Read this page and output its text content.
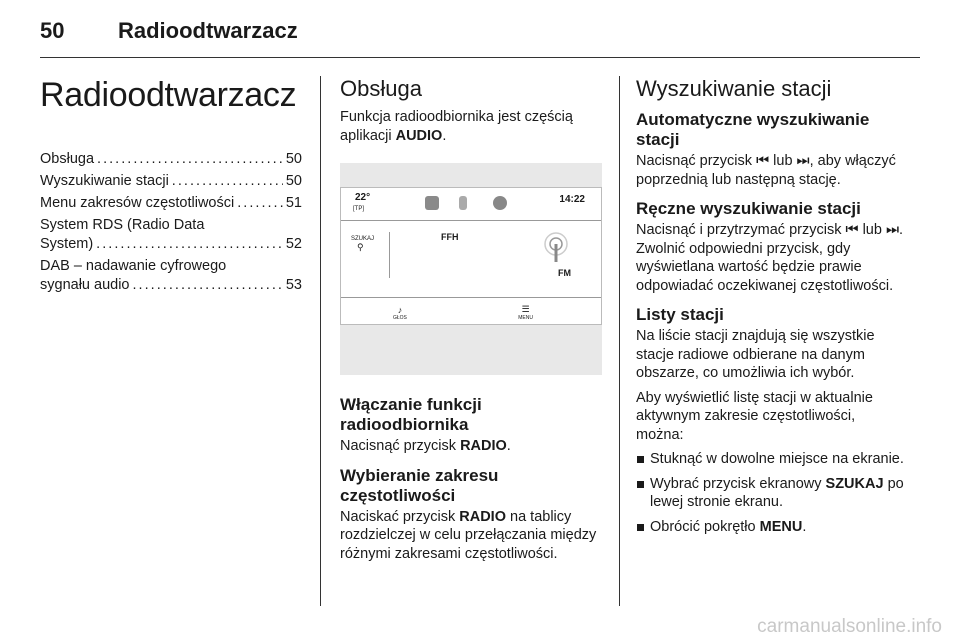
50 Radioodtwarzacz
Radioodtwarzacz
Obsługa . . .	50
Wyszukiwanie stacji . . .	50
Menu zakresów częstotliwości . . .	51
System RDS (Radio Data
System) . . .	52
DAB – nadawanie cyfrowego
sygnału audio . . .	53
Obsługa

Funkcja radioodbiornika jest częścią aplikacji AUDIO.

22°
[TP]
14:22
SZUKAJ
⚲
FFH
FM
♪
GŁOS
☰
MENU
Włączanie funkcji radioodbiornika

Nacisnąć przycisk RADIO.

Wybieranie zakresu częstotliwości

Naciskać przycisk RADIO na tablicy rozdzielczej w celu przełączania między różnymi zakresami częstotliwości.

Wyszukiwanie stacji
Automatyczne wyszukiwanie stacji

Nacisnąć przycisk ⏮ lub ⏭, aby włączyć poprzednią lub następną stację.

Ręczne wyszukiwanie stacji

Nacisnąć i przytrzymać przycisk ⏮ lub ⏭. Zwolnić odpowiedni przycisk, gdy wyświetlana wartość będzie prawie odpowiadać oczekiwanej częstotliwości.

Listy stacji

Na liście stacji znajdują się wszystkie stacje radiowe odbierane na danym obszarze, co umożliwia ich wybór.

Aby wyświetlić listę stacji w aktualnie aktywnym zakresie częstotliwości, można:

Stuknąć w dowolne miejsce na ekranie.
Wybrać przycisk ekranowy SZUKAJ po lewej stronie ekranu.
Obrócić pokrętło MENU.
carmanualsonline.info
